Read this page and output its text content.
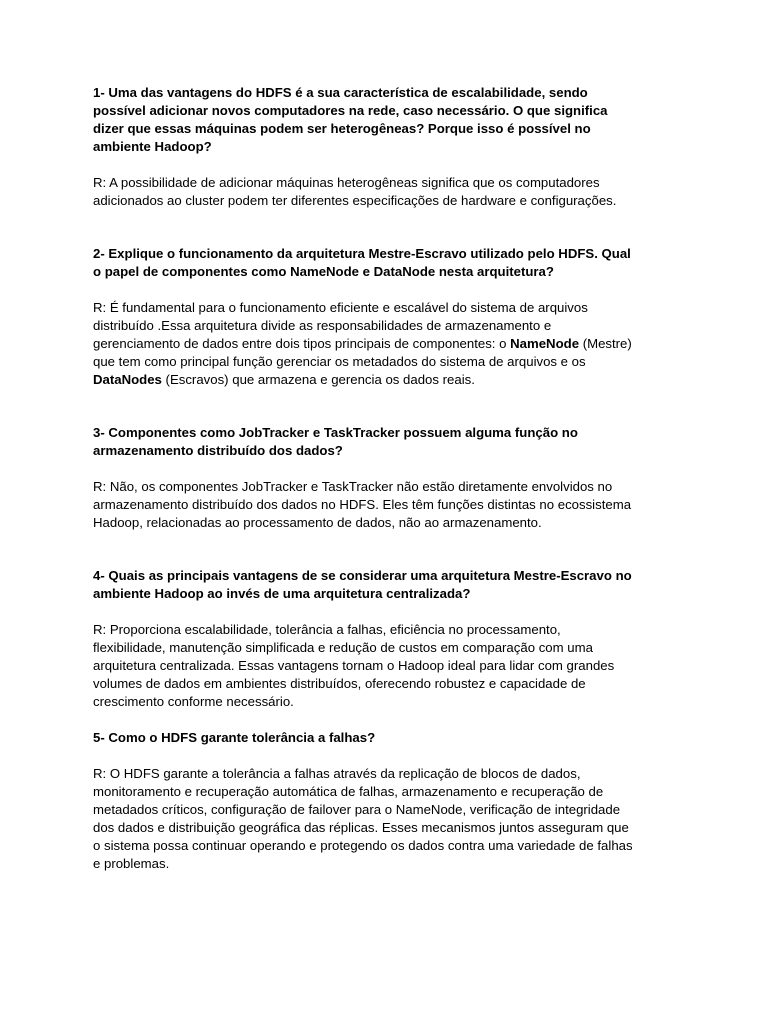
1- Uma das vantagens do HDFS é a sua característica de escalabilidade, sendo
possível adicionar novos computadores na rede, caso necessário. O que significa
dizer que essas máquinas podem ser heterogêneas? Porque isso é possível no
ambiente Hadoop?

R: A possibilidade de adicionar máquinas heterogêneas significa que os computadores
adicionados ao cluster podem ter diferentes especificações de hardware e configurações.

2- Explique o funcionamento da arquitetura Mestre-Escravo utilizado pelo HDFS. Qual
o papel de componentes como NameNode e DataNode nesta arquitetura?

R: É fundamental para o funcionamento eficiente e escalável do sistema de arquivos
distribuído .Essa arquitetura divide as responsabilidades de armazenamento e
gerenciamento de dados entre dois tipos principais de componentes: o NameNode (Mestre)
que tem como principal função gerenciar os metadados do sistema de arquivos e os
DataNodes (Escravos) que armazena e gerencia os dados reais.

3- Componentes como JobTracker e TaskTracker possuem alguma função no
armazenamento distribuído dos dados?

R: Não, os componentes JobTracker e TaskTracker não estão diretamente envolvidos no
armazenamento distribuído dos dados no HDFS. Eles têm funções distintas no ecossistema
Hadoop, relacionadas ao processamento de dados, não ao armazenamento.

4- Quais as principais vantagens de se considerar uma arquitetura Mestre-Escravo no
ambiente Hadoop ao invés de uma arquitetura centralizada?

R: Proporciona escalabilidade, tolerância a falhas, eficiência no processamento,
flexibilidade, manutenção simplificada e redução de custos em comparação com uma
arquitetura centralizada. Essas vantagens tornam o Hadoop ideal para lidar com grandes
volumes de dados em ambientes distribuídos, oferecendo robustez e capacidade de
crescimento conforme necessário.

5- Como o HDFS garante tolerância a falhas?

R: O HDFS garante a tolerância a falhas através da replicação de blocos de dados,
monitoramento e recuperação automática de falhas, armazenamento e recuperação de
metadados críticos, configuração de failover para o NameNode, verificação de integridade
dos dados e distribuição geográfica das réplicas. Esses mecanismos juntos asseguram que
o sistema possa continuar operando e protegendo os dados contra uma variedade de falhas
e problemas.
